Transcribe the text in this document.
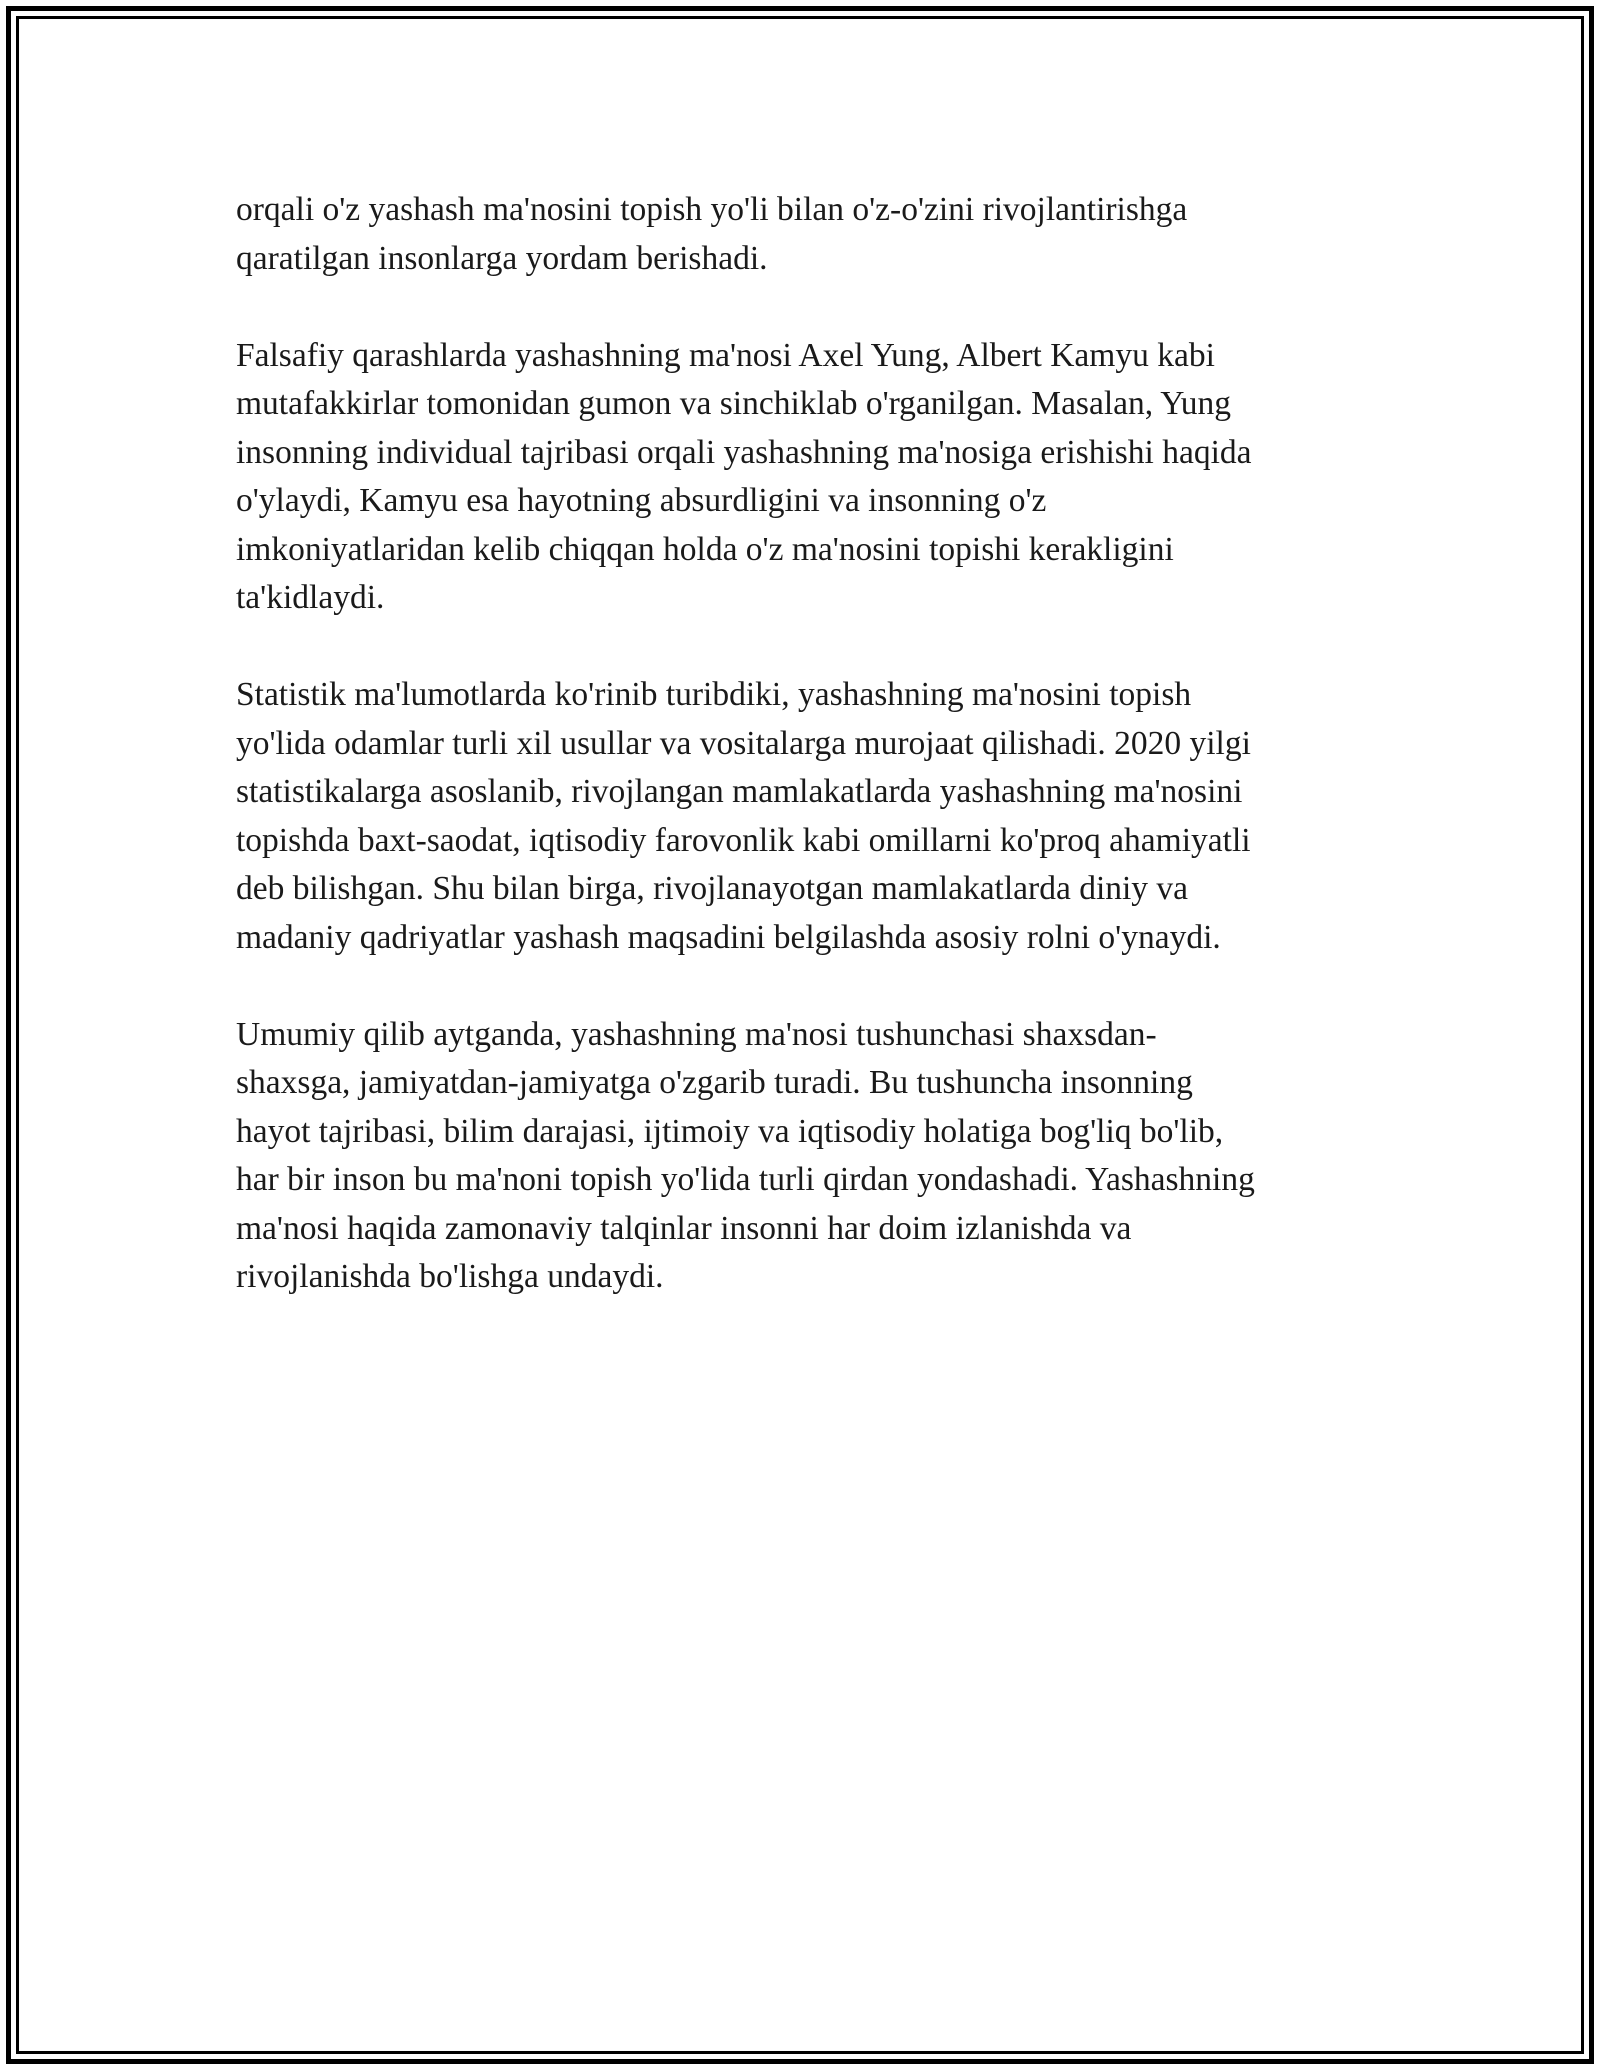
orqali o'z yashash ma'nosini topish yo'li bilan o'z-o'zini rivojlantirishga
qaratilgan insonlarga yordam berishadi.

Falsafiy qarashlarda yashashning ma'nosi Axel Yung, Albert Kamyu kabi
mutafakkirlar tomonidan gumon va sinchiklab o'rganilgan. Masalan, Yung
insonning individual tajribasi orqali yashashning ma'nosiga erishishi haqida
o'ylaydi, Kamyu esa hayotning absurdligini va insonning o'z
imkoniyatlaridan kelib chiqqan holda o'z ma'nosini topishi kerakligini
ta'kidlaydi.

Statistik ma'lumotlarda ko'rinib turibdiki, yashashning ma'nosini topish
yo'lida odamlar turli xil usullar va vositalarga murojaat qilishadi. 2020 yilgi
statistikalarga asoslanib, rivojlangan mamlakatlarda yashashning ma'nosini
topishda baxt-saodat, iqtisodiy farovonlik kabi omillarni ko'proq ahamiyatli
deb bilishgan. Shu bilan birga, rivojlanayotgan mamlakatlarda diniy va
madaniy qadriyatlar yashash maqsadini belgilashda asosiy rolni o'ynaydi.

Umumiy qilib aytganda, yashashning ma'nosi tushunchasi shaxsdan-
shaxsga, jamiyatdan-jamiyatga o'zgarib turadi. Bu tushuncha insonning
hayot tajribasi, bilim darajasi, ijtimoiy va iqtisodiy holatiga bog'liq bo'lib,
har bir inson bu ma'noni topish yo'lida turli qirdan yondashadi. Yashashning
ma'nosi haqida zamonaviy talqinlar insonni har doim izlanishda va
rivojlanishda bo'lishga undaydi.
